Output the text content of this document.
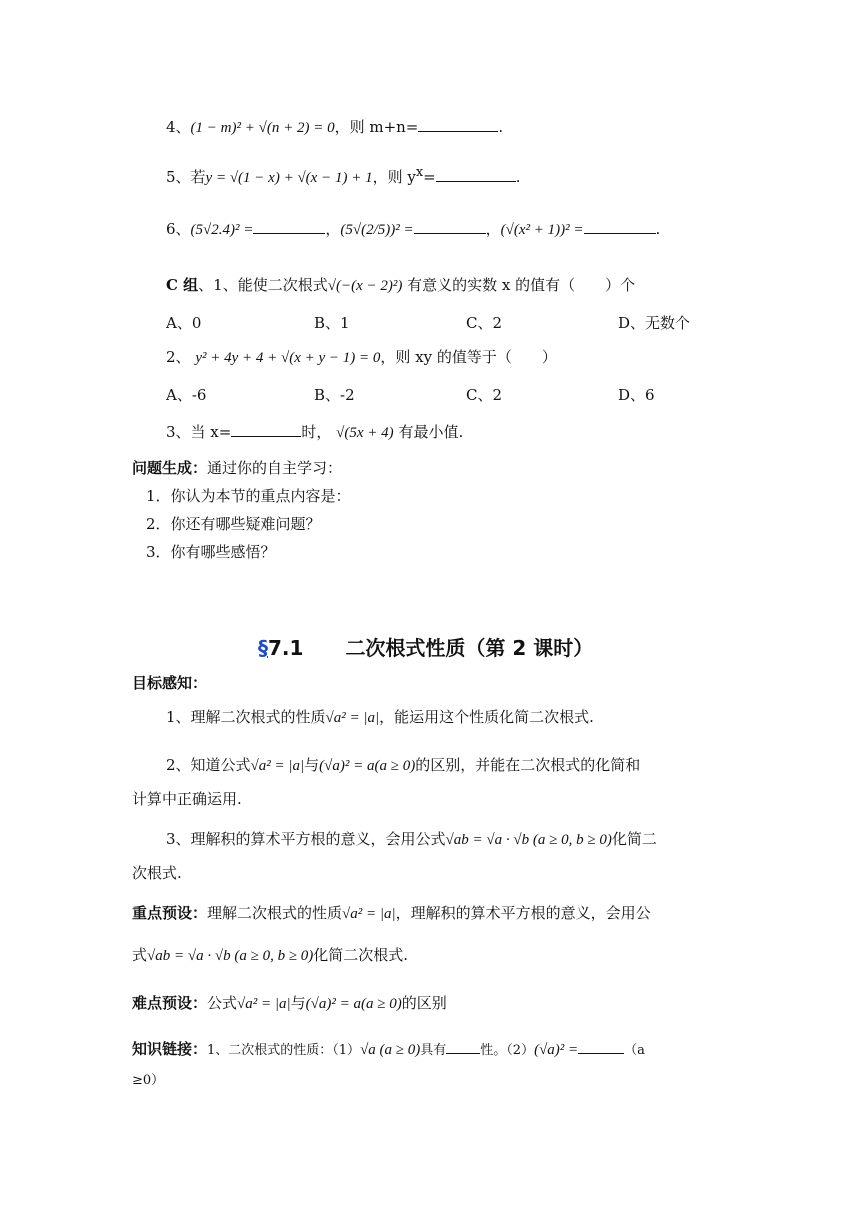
4、(1 − m)² + √(n + 2) = 0，则 m+n=	.
5、若y = √(1 − x) + √(x − 1) + 1，则 $y^x=$	.
6、(5√2.4)² =	，(5√(2/5))² =	，(√(x² + 1))² =	.
C 组、1、能使二次根式√(−(x − 2)²) 有意义的实数 x 的值有（　　）个
A、0	B、1	C、2	D、无数个
2、 y² + 4y + 4 + √(x + y − 1) = 0，则 xy 的值等于（　　）
A、-6	B、-2	C、2	D、6
3、当 x=	时， √(5x + 4) 有最小值.
问题生成：通过你的自主学习：
1．你认为本节的重点内容是：
2．你还有哪些疑难问题？
3．你有哪些感悟？
§7.1 二次根式性质（第 2 课时）
目标感知：
1、理解二次根式的性质√a² = |a|，能运用这个性质化简二次根式.
2、知道公式√a² = |a|与(√a)² = a(a ≥ 0)的区别，并能在二次根式的化简和
计算中正确运用.
3、理解积的算术平方根的意义，会用公式√ab = √a · √b (a ≥ 0, b ≥ 0)化简二
次根式.
重点预设：理解二次根式的性质√a² = |a|，理解积的算术平方根的意义，会用公
式√ab = √a · √b (a ≥ 0, b ≥ 0)化简二次根式.
难点预设：公式√a² = |a|与(√a)² = a(a ≥ 0)的区别
知识链接：1、二次根式的性质：（1）√a (a ≥ 0)具有	性。（2）(√a)² =	（a
≥0）
